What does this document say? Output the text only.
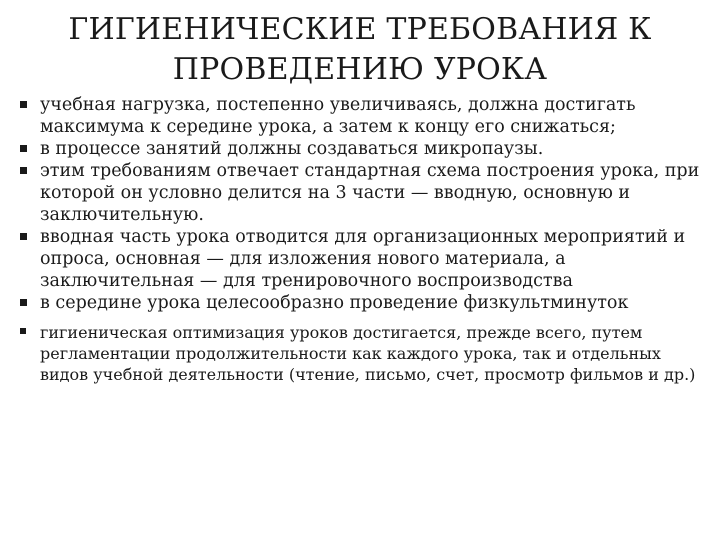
ГИГИЕНИЧЕСКИЕ ТРЕБОВАНИЯ К ПРОВЕДЕНИЮ УРОКА
учебная нагрузка, постепенно увеличиваясь, должна достигать максимума к середине урока, а затем к концу его снижаться;
в процессе занятий должны создаваться микропаузы.
этим требованиям отвечает стандартная схема построения урока, при которой он условно делится на 3 части — вводную, основную и заключительную.
вводная часть урока отводится для организационных мероприятий и опроса, основная — для изложения нового материала, а заключительная — для тренировочного воспроизводства
в середине урока целесообразно проведение физкультминуток
гигиеническая оптимизация уроков достигается, прежде всего, путем регламентации продолжительности как каждого урока, так и отдельных видов учебной деятельности (чтение, письмо, счет, просмотр фильмов и др.)
